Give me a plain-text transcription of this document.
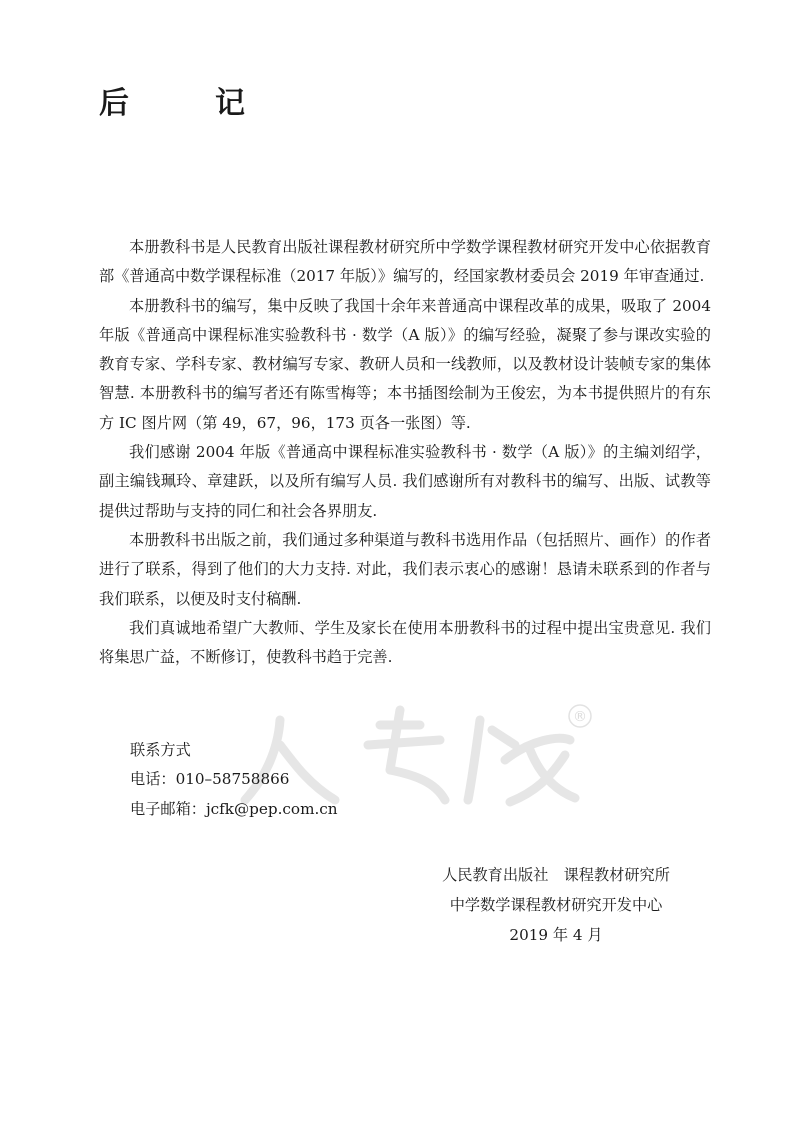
后　记

本册教科书是人民教育出版社课程教材研究所中学数学课程教材研究开发中心依据教育部《普通高中数学课程标准（2017 年版）》编写的，经国家教材委员会 2019 年审查通过.

本册教科书的编写，集中反映了我国十余年来普通高中课程改革的成果，吸取了 2004 年版《普通高中课程标准实验教科书 · 数学（A 版）》的编写经验，凝聚了参与课改实验的教育专家、学科专家、教材编写专家、教研人员和一线教师，以及教材设计装帧专家的集体智慧. 本册教科书的编写者还有陈雪梅等；本书插图绘制为王俊宏，为本书提供照片的有东方 IC 图片网（第 49，67，96，173 页各一张图）等.

我们感谢 2004 年版《普通高中课程标准实验教科书 · 数学（A 版）》的主编刘绍学，副主编钱珮玲、章建跃，以及所有编写人员. 我们感谢所有对教科书的编写、出版、试教等提供过帮助与支持的同仁和社会各界朋友.

本册教科书出版之前，我们通过多种渠道与教科书选用作品（包括照片、画作）的作者进行了联系，得到了他们的大力支持. 对此，我们表示衷心的感谢！恳请未联系到的作者与我们联系，以便及时支付稿酬.

我们真诚地希望广大教师、学生及家长在使用本册教科书的过程中提出宝贵意见. 我们将集思广益，不断修订，使教科书趋于完善.

®
联系方式
电话：010–58758866
电子邮箱：jcfk@pep.com.cn
人民教育出版社　课程教材研究所
中学数学课程教材研究开发中心
2019 年 4 月
